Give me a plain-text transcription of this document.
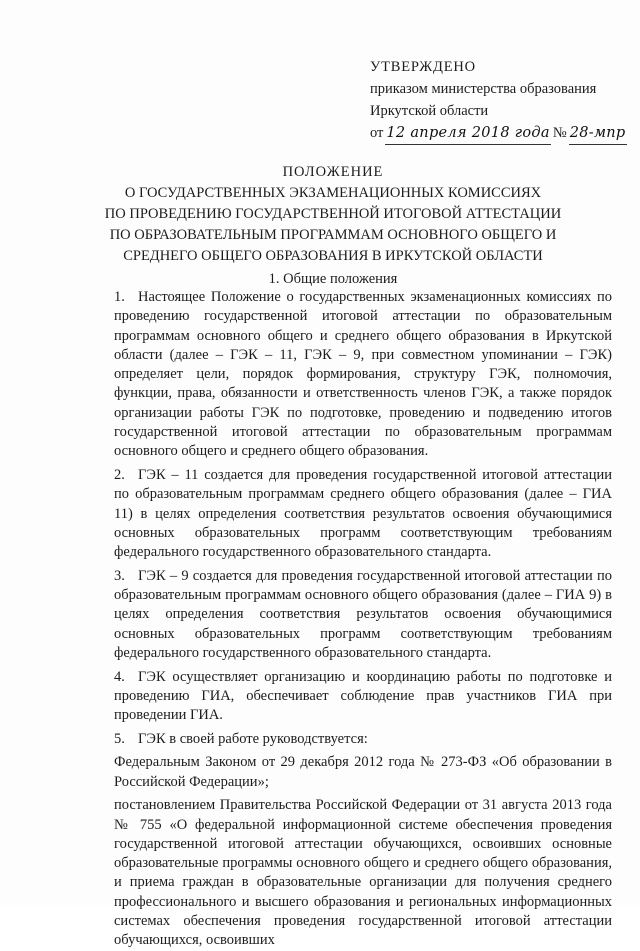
УТВЕРЖДЕНО
приказом министерства образования
Иркутской области
от 12 апреля 2018 года № 28-мпр
ПОЛОЖЕНИЕ
О ГОСУДАРСТВЕННЫХ ЭКЗАМЕНАЦИОННЫХ КОМИССИЯХ
ПО ПРОВЕДЕНИЮ ГОСУДАРСТВЕННОЙ ИТОГОВОЙ АТТЕСТАЦИИ
ПО ОБРАЗОВАТЕЛЬНЫМ ПРОГРАММАМ ОСНОВНОГО ОБЩЕГО И
СРЕДНЕГО ОБЩЕГО ОБРАЗОВАНИЯ В ИРКУТСКОЙ ОБЛАСТИ
1. Общие положения

1. Настоящее Положение о государственных экзаменационных комиссиях по проведению государственной итоговой аттестации по образовательным программам основного общего и среднего общего образования в Иркутской области (далее – ГЭК – 11, ГЭК – 9, при совместном упоминании – ГЭК) определяет цели, порядок формирования, структуру ГЭК, полномочия, функции, права, обязанности и ответственность членов ГЭК, а также порядок организации работы ГЭК по подготовке, проведению и подведению итогов государственной итоговой аттестации по образовательным программам основного общего и среднего общего образования.

2. ГЭК – 11 создается для проведения государственной итоговой аттестации по образовательным программам среднего общего образования (далее – ГИА 11) в целях определения соответствия результатов освоения обучающимися основных образовательных программ соответствующим требованиям федерального государственного образовательного стандарта.

3. ГЭК – 9 создается для проведения государственной итоговой аттестации по образовательным программам основного общего образования (далее – ГИА 9) в целях определения соответствия результатов освоения обучающимися основных образовательных программ соответствующим требованиям федерального государственного образовательного стандарта.

4. ГЭК осуществляет организацию и координацию работы по подготовке и проведению ГИА, обеспечивает соблюдение прав участников ГИА при проведении ГИА.

5. ГЭК в своей работе руководствуется:

Федеральным Законом от 29 декабря 2012 года № 273-ФЗ «Об образовании в Российской Федерации»;

постановлением Правительства Российской Федерации от 31 августа 2013 года № 755 «О федеральной информационной системе обеспечения проведения государственной итоговой аттестации обучающихся, освоивших основные образовательные программы основного общего и среднего общего образования, и приема граждан в образовательные организации для получения среднего профессионального и высшего образования и региональных информационных системах обеспечения проведения государственной итоговой аттестации обучающихся, освоивших
